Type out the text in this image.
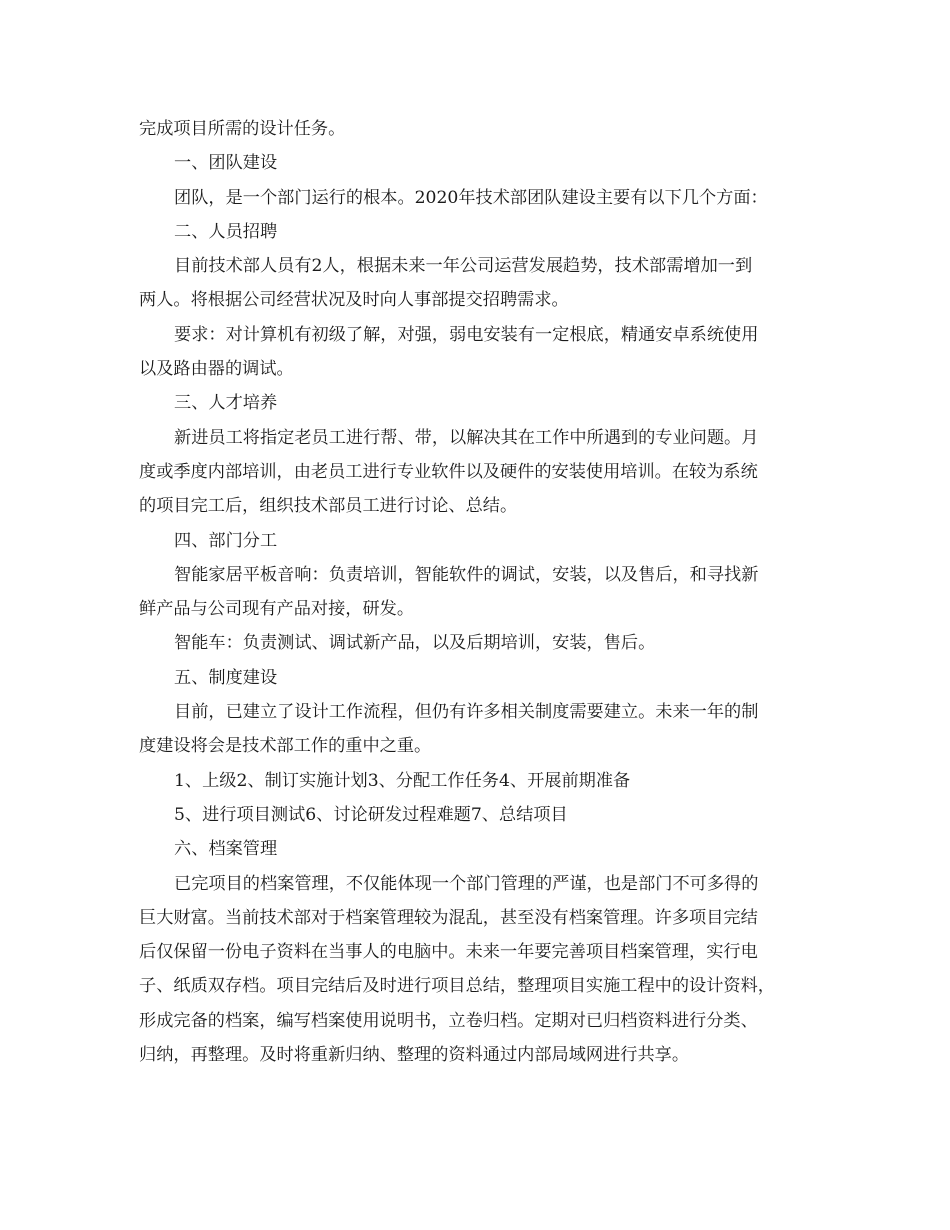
完成项目所需的设计任务。
一、团队建设
团队，是一个部门运行的根本。2020年技术部团队建设主要有以下几个方面：
二、人员招聘
目前技术部人员有2人，根据未来一年公司运营发展趋势，技术部需增加一到
两人。将根据公司经营状况及时向人事部提交招聘需求。
要求：对计算机有初级了解，对强，弱电安装有一定根底，精通安卓系统使用
以及路由器的调试。
三、人才培养
新进员工将指定老员工进行帮、带，以解决其在工作中所遇到的专业问题。月
度或季度内部培训，由老员工进行专业软件以及硬件的安装使用培训。在较为系统
的项目完工后，组织技术部员工进行讨论、总结。
四、部门分工
智能家居平板音响：负责培训，智能软件的调试，安装，以及售后，和寻找新
鲜产品与公司现有产品对接，研发。
智能车：负责测试、调试新产品，以及后期培训，安装，售后。
五、制度建设
目前，已建立了设计工作流程，但仍有许多相关制度需要建立。未来一年的制
度建设将会是技术部工作的重中之重。
1、上级2、制订实施计划3、分配工作任务4、开展前期准备
5、进行项目测试6、讨论研发过程难题7、总结项目
六、档案管理
已完项目的档案管理，不仅能体现一个部门管理的严谨，也是部门不可多得的
巨大财富。当前技术部对于档案管理较为混乱，甚至没有档案管理。许多项目完结
后仅保留一份电子资料在当事人的电脑中。未来一年要完善项目档案管理，实行电
子、纸质双存档。项目完结后及时进行项目总结，整理项目实施工程中的设计资料，
形成完备的档案，编写档案使用说明书，立卷归档。定期对已归档资料进行分类、
归纳，再整理。及时将重新归纳、整理的资料通过内部局域网进行共享。
